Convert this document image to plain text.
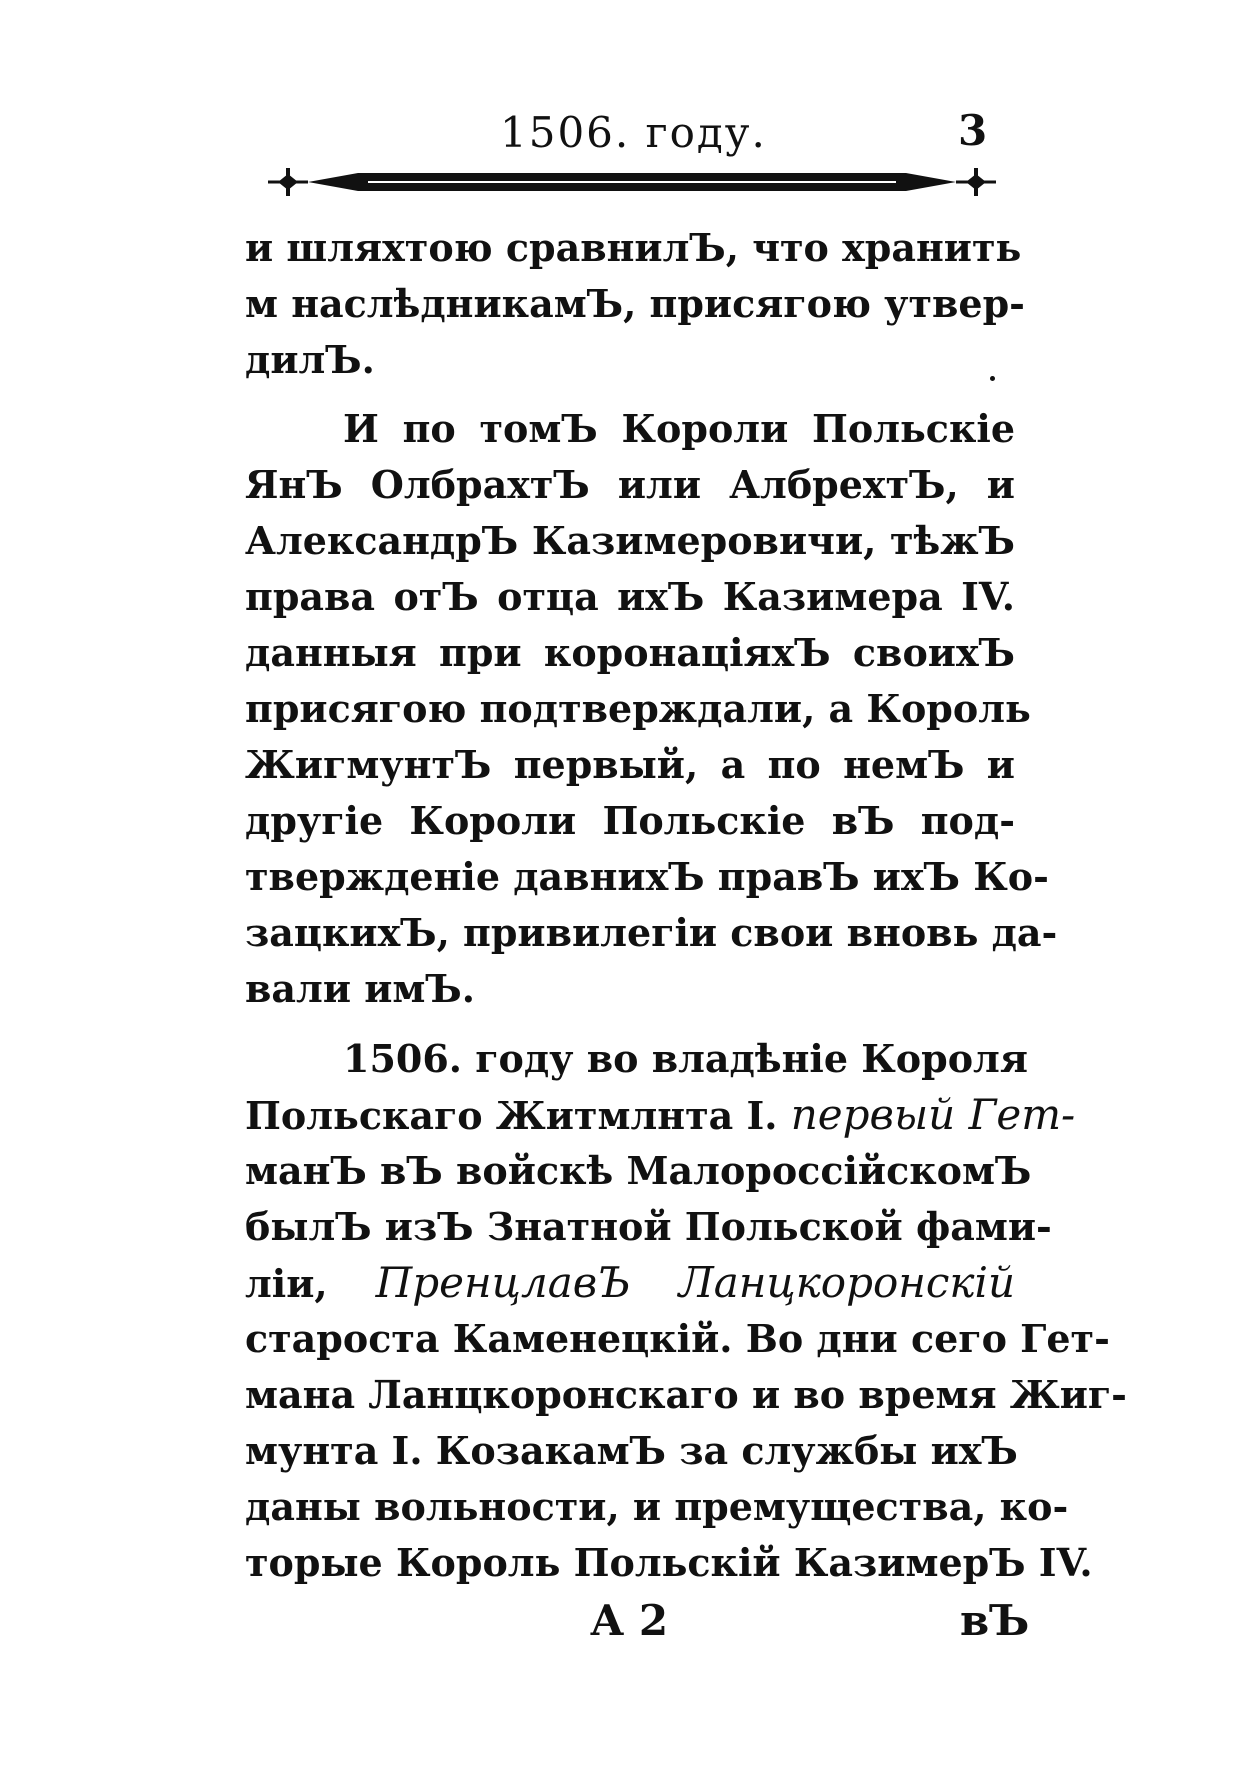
1506. году.	3
и шляхтою сравнилЪ, что хранить
м наслѣдникамЪ, присягою утвер-
дилЪ.
И по томЪ Короли Польскіе
ЯнЪ ОлбрахтЪ или АлбрехтЪ, и
АлександрЪ Казимеровичи, тѣжЪ
права отЪ отца ихЪ Казимера IV.
данныя при коронаціяхЪ своихЪ
присягою подтверждали, а Король
ЖигмунтЪ первый, а по немЪ и
другіе Короли Польскіе вЪ под-
твержденіе давнихЪ правЪ ихЪ Ко-
зацкихЪ, привилегіи свои вновь да-
вали имЪ.
1506. году во владѣніе Короля
Польскаго Житмлнта I. первый Гет-
манЪ вЪ войскѣ МалороссійскомЪ
былЪ изЪ Знатной Польской фами-
ліи, ПренцлавЪ Ланцкоронскій
староста Каменецкій. Во дни сего Гет-
мана Ланцкоронскаго и во время Жиг-
мунта I. КозакамЪ за службы ихЪ
даны вольности, и премущества, ко-
торые Король Польскій КазимерЪ IV.
А 2	вЪ
